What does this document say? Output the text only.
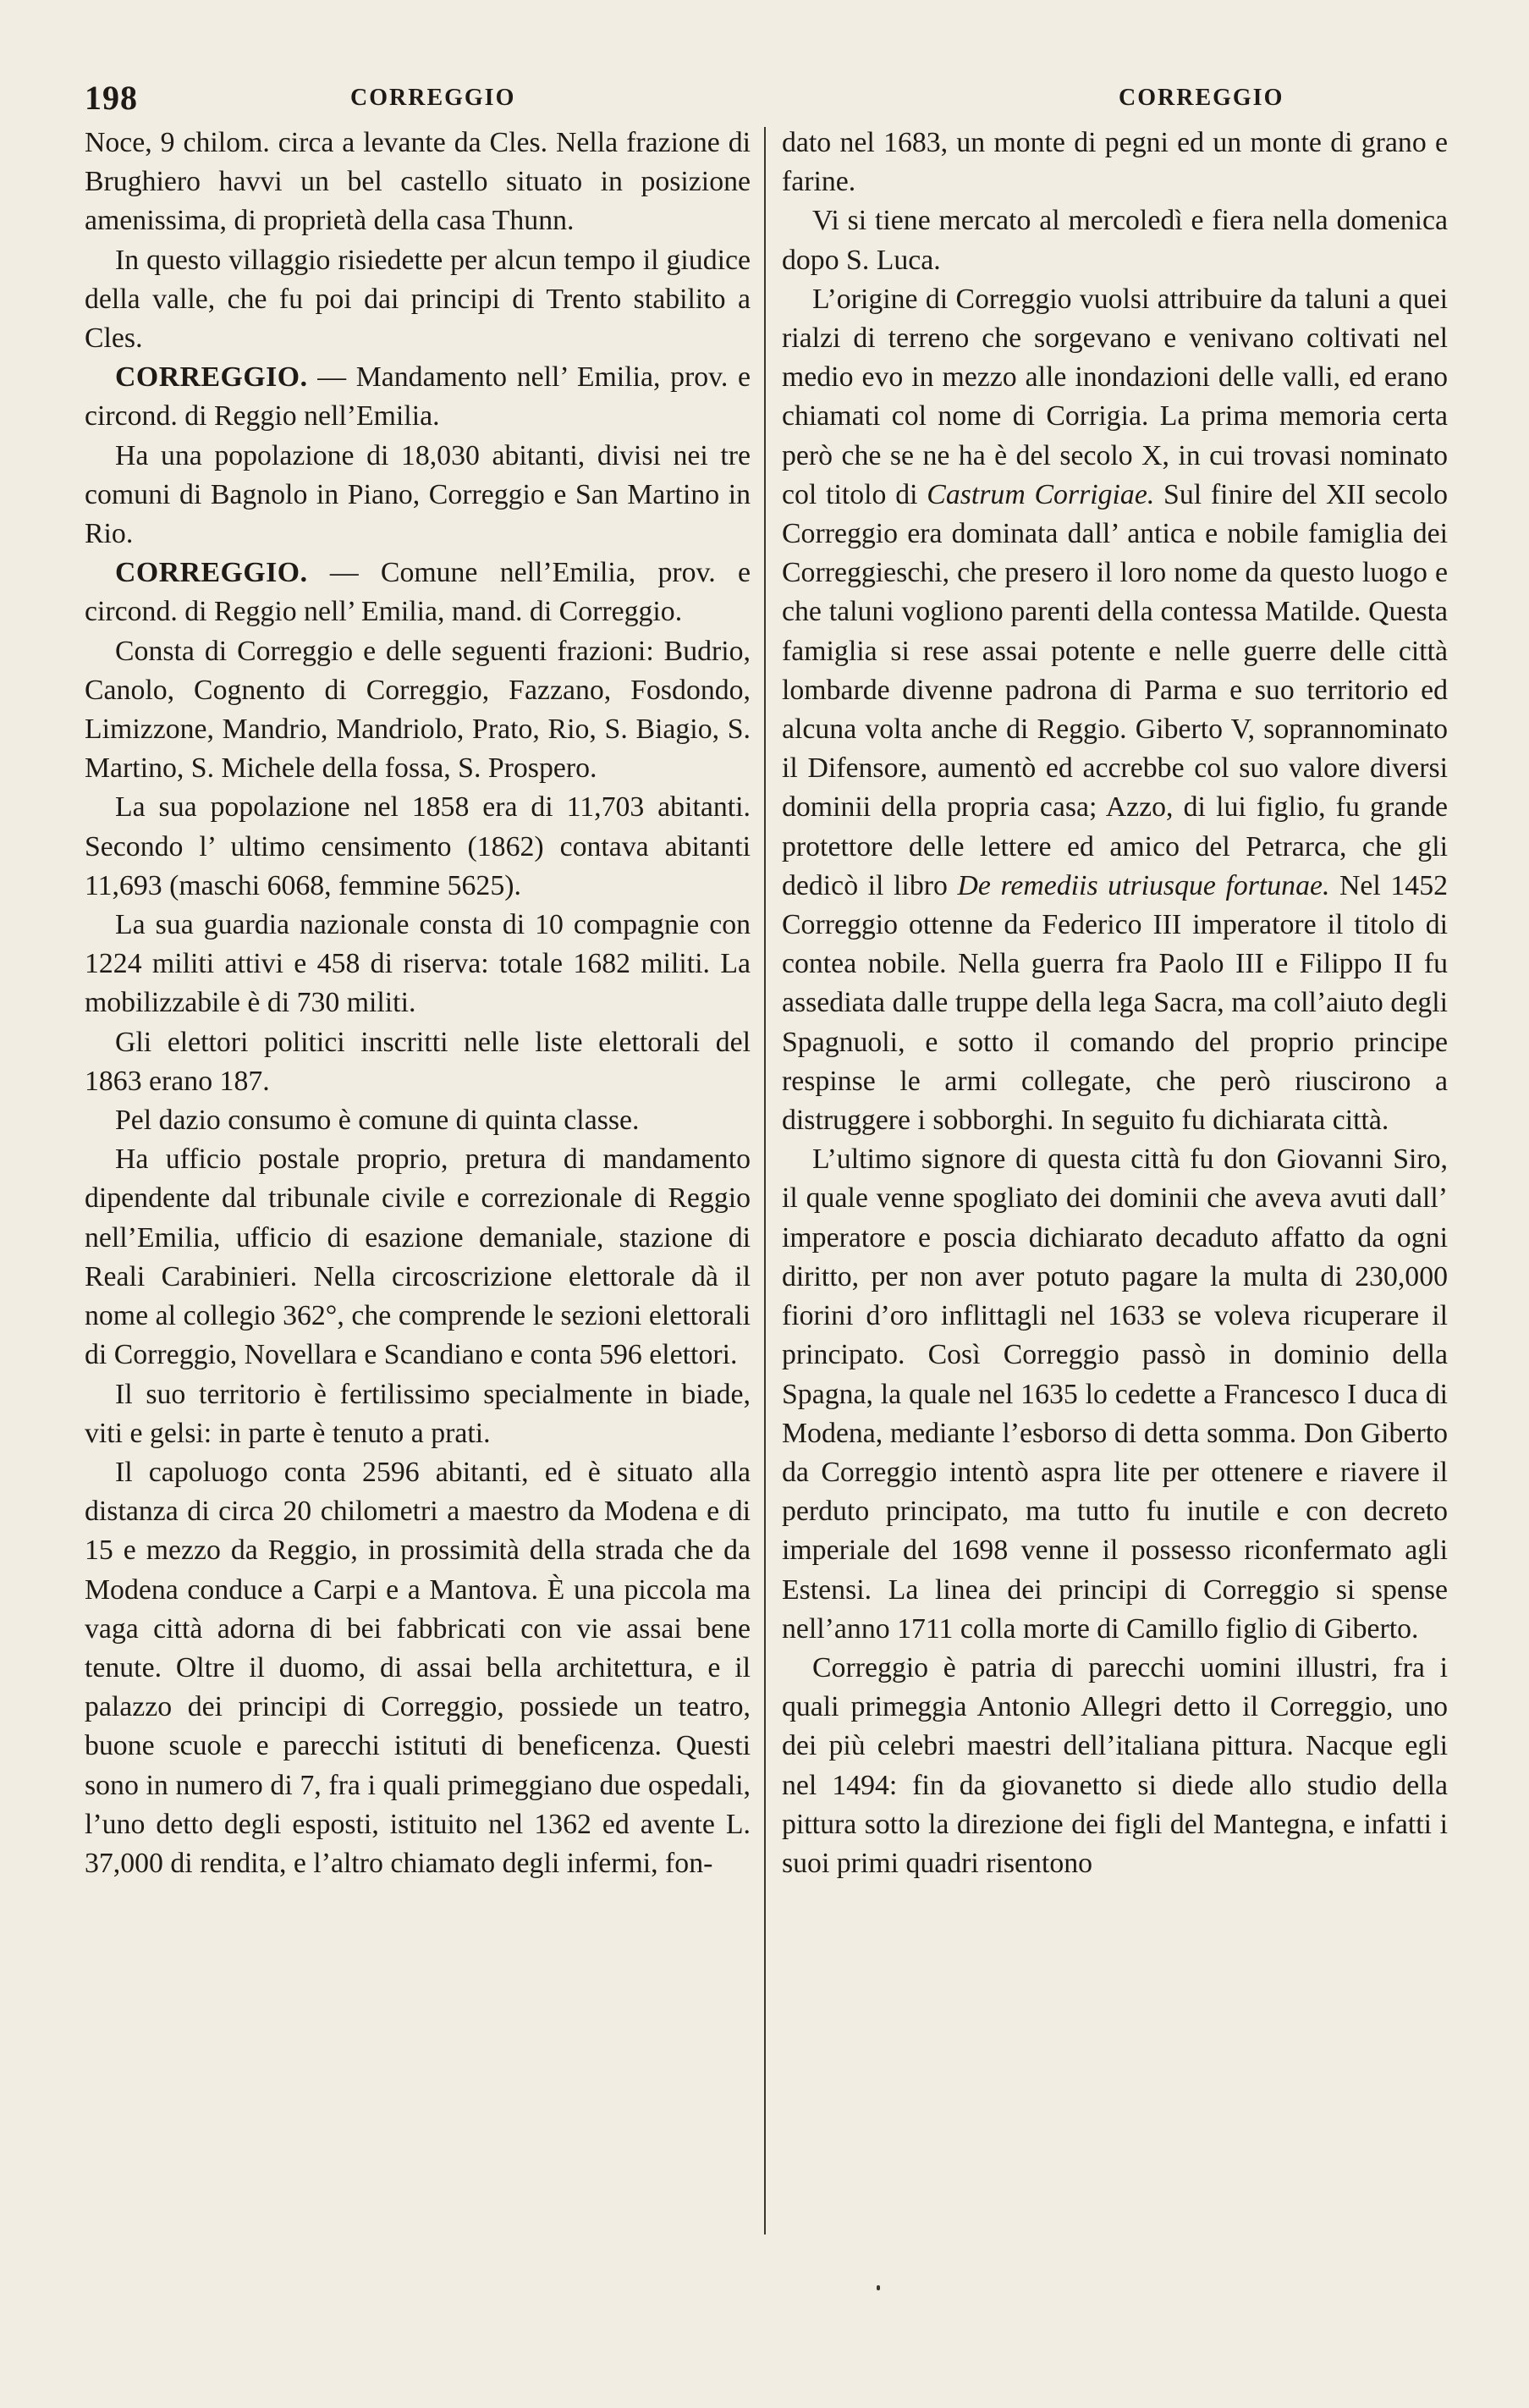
198	CORREGGIO	CORREGGIO

Noce, 9 chilom. circa a levante da Cles. Nella frazione di Brughiero havvi un bel castello situato in posizione amenissima, di proprietà della casa Thunn.

In questo villaggio risiedette per alcun tempo il giudice della valle, che fu poi dai principi di Trento stabilito a Cles.

CORREGGIO. — Mandamento nell’ Emilia, prov. e circond. di Reggio nell’Emilia.

Ha una popolazione di 18,030 abitanti, divisi nei tre comuni di Bagnolo in Piano, Correggio e San Martino in Rio.

CORREGGIO. — Comune nell’Emilia, prov. e circond. di Reggio nell’ Emilia, mand. di Correggio.

Consta di Correggio e delle seguenti frazioni: Budrio, Canolo, Cognento di Correggio, Fazzano, Fosdondo, Limizzone, Mandrio, Mandriolo, Prato, Rio, S. Biagio, S. Martino, S. Michele della fossa, S. Prospero.

La sua popolazione nel 1858 era di 11,703 abitanti. Secondo l’ ultimo censimento (1862) contava abitanti 11,693 (maschi 6068, femmine 5625).

La sua guardia nazionale consta di 10 compagnie con 1224 militi attivi e 458 di riserva: totale 1682 militi. La mobilizzabile è di 730 militi.

Gli elettori politici inscritti nelle liste elettorali del 1863 erano 187.

Pel dazio consumo è comune di quinta classe.

Ha ufficio postale proprio, pretura di mandamento dipendente dal tribunale civile e correzionale di Reggio nell’Emilia, ufficio di esazione demaniale, stazione di Reali Carabinieri. Nella circoscrizione elettorale dà il nome al collegio 362°, che comprende le sezioni elettorali di Correggio, Novellara e Scandiano e conta 596 elettori.

Il suo territorio è fertilissimo specialmente in biade, viti e gelsi: in parte è tenuto a prati.

Il capoluogo conta 2596 abitanti, ed è situato alla distanza di circa 20 chilometri a maestro da Modena e di 15 e mezzo da Reggio, in prossimità della strada che da Modena conduce a Carpi e a Mantova. È una piccola ma vaga città adorna di bei fabbricati con vie assai bene tenute. Oltre il duomo, di assai bella architettura, e il palazzo dei principi di Correggio, possiede un teatro, buone scuole e parecchi istituti di beneficenza. Questi sono in numero di 7, fra i quali primeggiano due ospedali, l’uno detto degli esposti, istituito nel 1362 ed avente L. 37,000 di rendita, e l’altro chiamato degli infermi, fon-

dato nel 1683, un monte di pegni ed un monte di grano e farine.

Vi si tiene mercato al mercoledì e fiera nella domenica dopo S. Luca.

L’origine di Correggio vuolsi attribuire da taluni a quei rialzi di terreno che sorgevano e venivano coltivati nel medio evo in mezzo alle inondazioni delle valli, ed erano chiamati col nome di Corrigia. La prima memoria certa però che se ne ha è del secolo X, in cui trovasi nominato col titolo di Castrum Corrigiae. Sul finire del XII secolo Correggio era dominata dall’ antica e nobile famiglia dei Correggieschi, che presero il loro nome da questo luogo e che taluni vogliono parenti della contessa Matilde. Questa famiglia si rese assai potente e nelle guerre delle città lombarde divenne padrona di Parma e suo territorio ed alcuna volta anche di Reggio. Giberto V, soprannominato il Difensore, aumentò ed accrebbe col suo valore diversi dominii della propria casa; Azzo, di lui figlio, fu grande protettore delle lettere ed amico del Petrarca, che gli dedicò il libro De remediis utriusque fortunae. Nel 1452 Correggio ottenne da Federico III imperatore il titolo di contea nobile. Nella guerra fra Paolo III e Filippo II fu assediata dalle truppe della lega Sacra, ma coll’aiuto degli Spagnuoli, e sotto il comando del proprio principe respinse le armi collegate, che però riuscirono a distruggere i sobborghi. In seguito fu dichiarata città.

L’ultimo signore di questa città fu don Giovanni Siro, il quale venne spogliato dei dominii che aveva avuti dall’ imperatore e poscia dichiarato decaduto affatto da ogni diritto, per non aver potuto pagare la multa di 230,000 fiorini d’oro inflittagli nel 1633 se voleva ricuperare il principato. Così Correggio passò in dominio della Spagna, la quale nel 1635 lo cedette a Francesco I duca di Modena, mediante l’esborso di detta somma. Don Giberto da Correggio intentò aspra lite per ottenere e riavere il perduto principato, ma tutto fu inutile e con decreto imperiale del 1698 venne il possesso riconfermato agli Estensi. La linea dei principi di Correggio si spense nell’anno 1711 colla morte di Camillo figlio di Giberto.

Correggio è patria di parecchi uomini illustri, fra i quali primeggia Antonio Allegri detto il Correggio, uno dei più celebri maestri dell’italiana pittura. Nacque egli nel 1494: fin da giovanetto si diede allo studio della pittura sotto la direzione dei figli del Mantegna, e infatti i suoi primi quadri risentono
